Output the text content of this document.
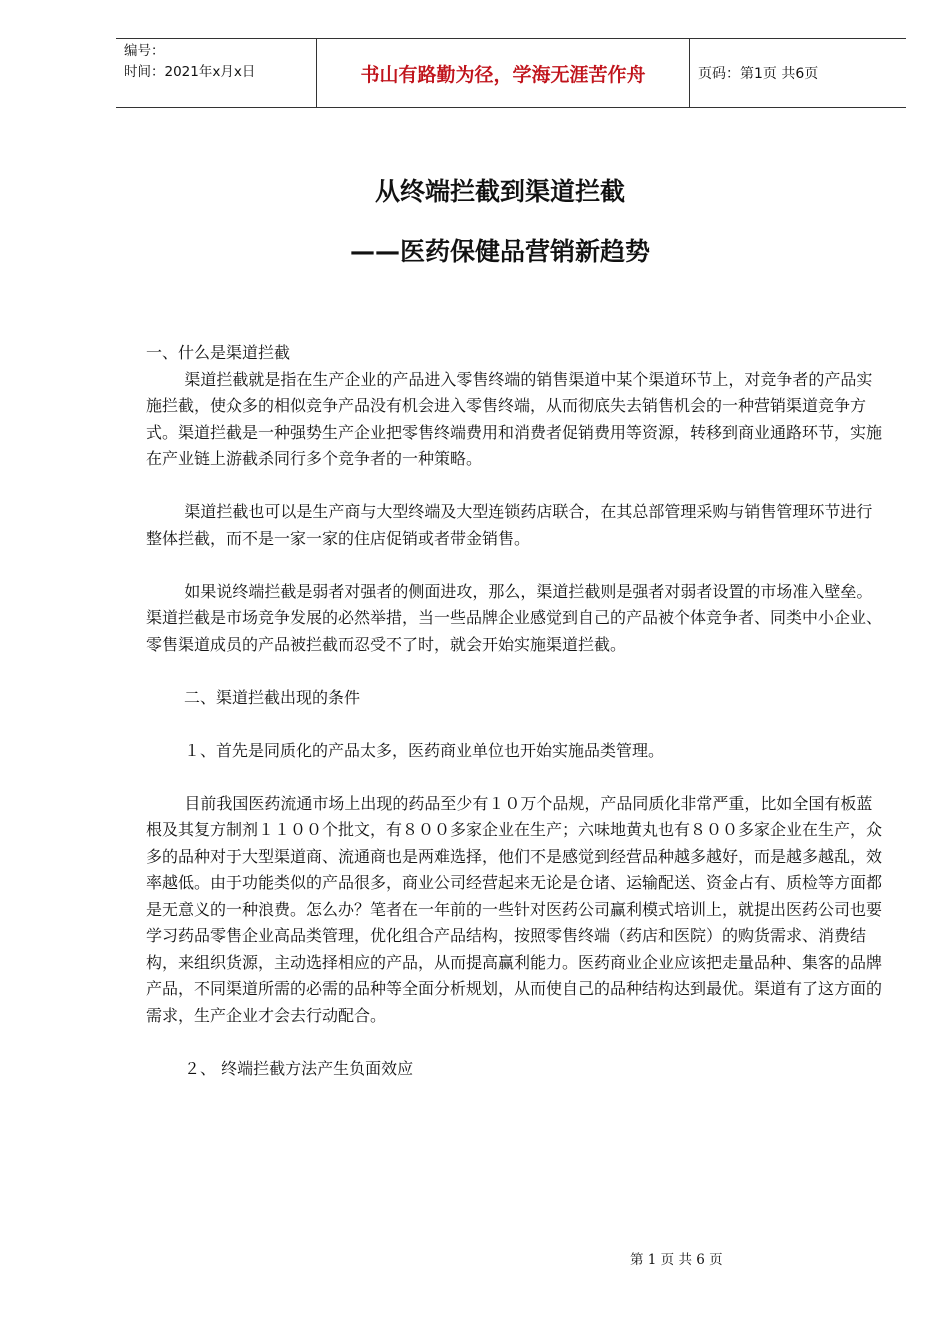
编号：
时间：2021年x月x日	书山有路勤为径，学海无涯苦作舟	页码：第1页 共6页
从终端拦截到渠道拦截
——医药保健品营销新趋势

一、什么是渠道拦截

渠道拦截就是指在生产企业的产品进入零售终端的销售渠道中某个渠道环节上，对竞争者的产品实施拦截，使众多的相似竞争产品没有机会进入零售终端，从而彻底失去销售机会的一种营销渠道竞争方式。渠道拦截是一种强势生产企业把零售终端费用和消费者促销费用等资源，转移到商业通路环节，实施在产业链上游截杀同行多个竞争者的一种策略。

渠道拦截也可以是生产商与大型终端及大型连锁药店联合，在其总部管理采购与销售管理环节进行整体拦截，而不是一家一家的住店促销或者带金销售。

如果说终端拦截是弱者对强者的侧面进攻，那么，渠道拦截则是强者对弱者设置的市场准入壁垒。渠道拦截是市场竞争发展的必然举措，当一些品牌企业感觉到自己的产品被个体竞争者、同类中小企业、零售渠道成员的产品被拦截而忍受不了时，就会开始实施渠道拦截。

二、渠道拦截出现的条件

１、首先是同质化的产品太多，医药商业单位也开始实施品类管理。

目前我国医药流通市场上出现的药品至少有１０万个品规，产品同质化非常严重，比如全国有板蓝根及其复方制剂１１００个批文，有８００多家企业在生产；六味地黄丸也有８００多家企业在生产，众多的品种对于大型渠道商、流通商也是两难选择，他们不是感觉到经营品种越多越好，而是越多越乱，效率越低。由于功能类似的产品很多，商业公司经营起来无论是仓诸、运输配送、资金占有、质检等方面都是无意义的一种浪费。怎么办？笔者在一年前的一些针对医药公司赢利模式培训上，就提出医药公司也要学习药品零售企业高品类管理，优化组合产品结构，按照零售终端（药店和医院）的购货需求、消费结构，来组织货源，主动选择相应的产品，从而提高赢利能力。医药商业企业应该把走量品种、集客的品牌产品，不同渠道所需的必需的品种等全面分析规划，从而使自己的品种结构达到最优。渠道有了这方面的需求，生产企业才会去行动配合。

２、 终端拦截方法产生负面效应

第 1 页 共 6 页
